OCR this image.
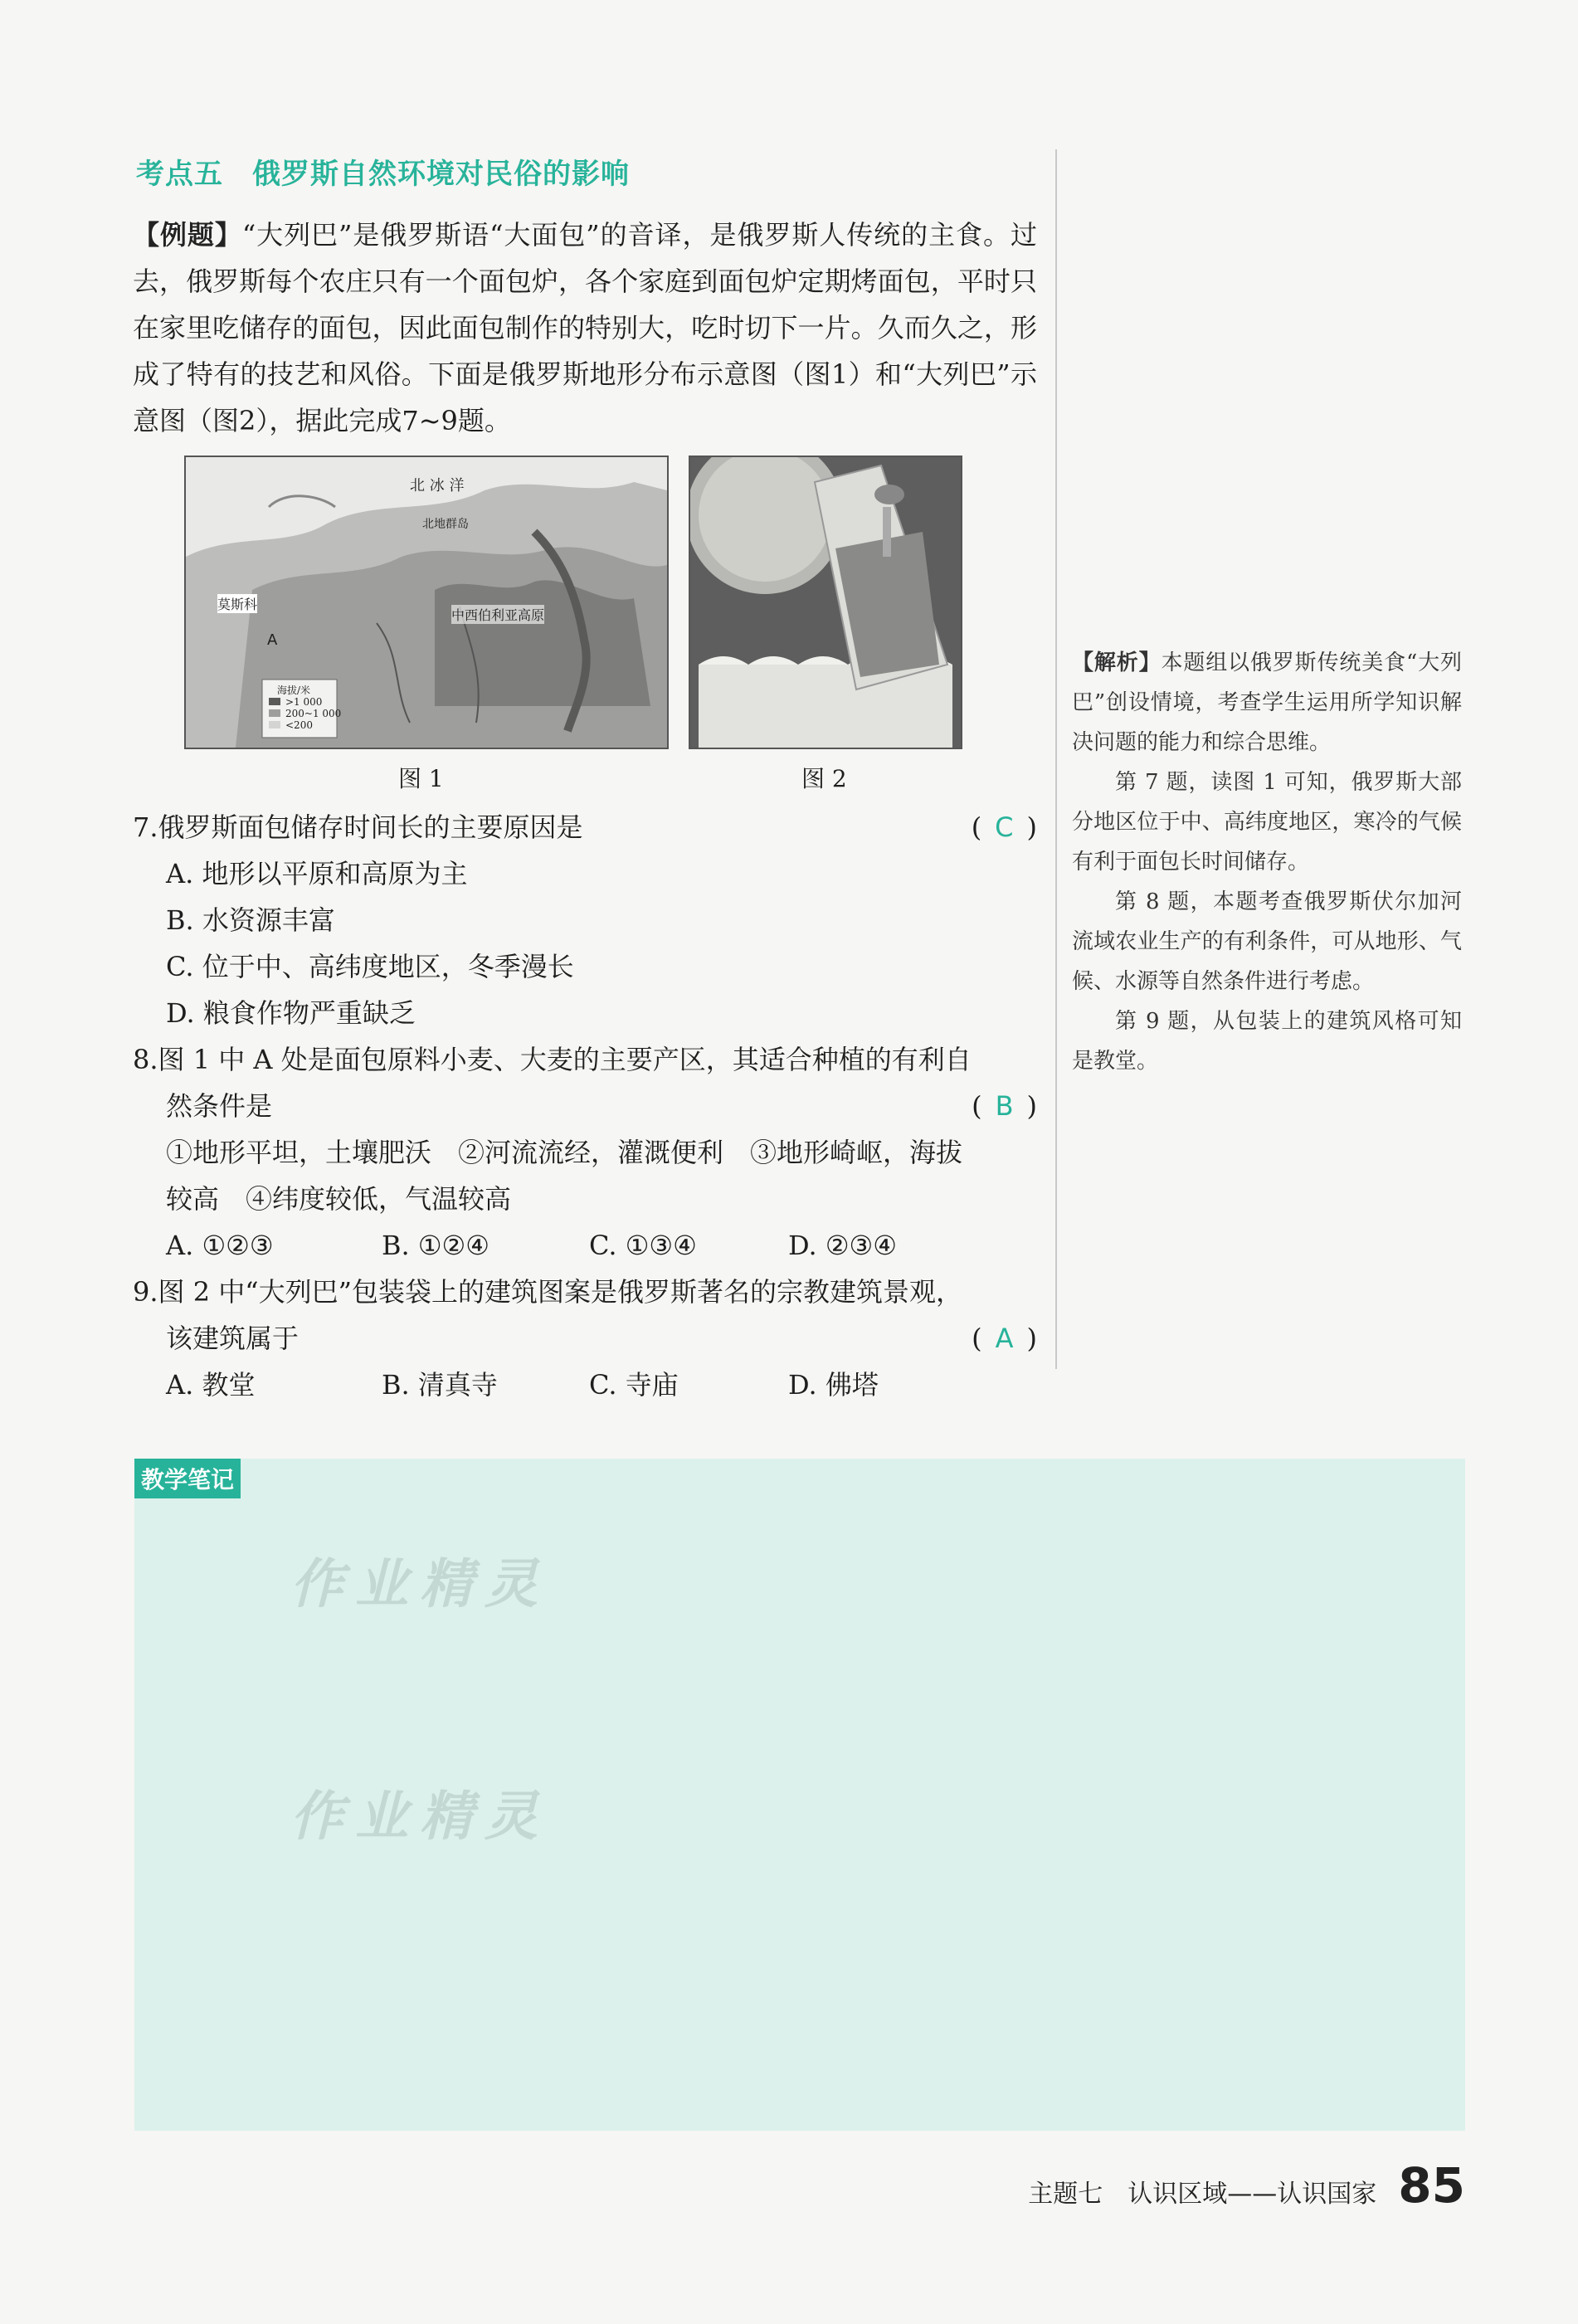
考点五　俄罗斯自然环境对民俗的影响
【例题】“大列巴”是俄罗斯语“大面包”的音译，是俄罗斯人传统的主食。过去，俄罗斯每个农庄只有一个面包炉，各个家庭到面包炉定期烤面包，平时只在家里吃储存的面包，因此面包制作的特别大，吃时切下一片。久而久之，形成了特有的技艺和风俗。下面是俄罗斯地形分布示意图（图1）和“大列巴”示意图（图2），据此完成7~9题。
北 冰 洋
北地群岛
莫斯科
A
中西伯利亚高原
海拔/米
>1 000
200~1 000
<200
图 1	图 2
7.俄罗斯面包储存时间长的主要原因是	( C )
A. 地形以平原和高原为主
B. 水资源丰富
C. 位于中、高纬度地区，冬季漫长
D. 粮食作物严重缺乏
8.图 1 中 A 处是面包原料小麦、大麦的主要产区，其适合种植的有利自
然条件是	( B )
①地形平坦，土壤肥沃　②河流流经，灌溉便利　③地形崎岖，海拔
较高　④纬度较低，气温较高
A. ①②③	B. ①②④	C. ①③④	D. ②③④
9.图 2 中“大列巴”包装袋上的建筑图案是俄罗斯著名的宗教建筑景观，
该建筑属于	( A )
A. 教堂	B. 清真寺	C. 寺庙	D. 佛塔

【解析】本题组以俄罗斯传统美食“大列巴”创设情境，考查学生运用所学知识解决问题的能力和综合思维。

第 7 题，读图 1 可知，俄罗斯大部分地区位于中、高纬度地区，寒冷的气候有利于面包长时间储存。

第 8 题，本题考查俄罗斯伏尔加河流域农业生产的有利条件，可从地形、气候、水源等自然条件进行考虑。

第 9 题，从包装上的建筑风格可知是教堂。

教学笔记
作业精灵
作业精灵
主题七　认识区域——认识国家 85
